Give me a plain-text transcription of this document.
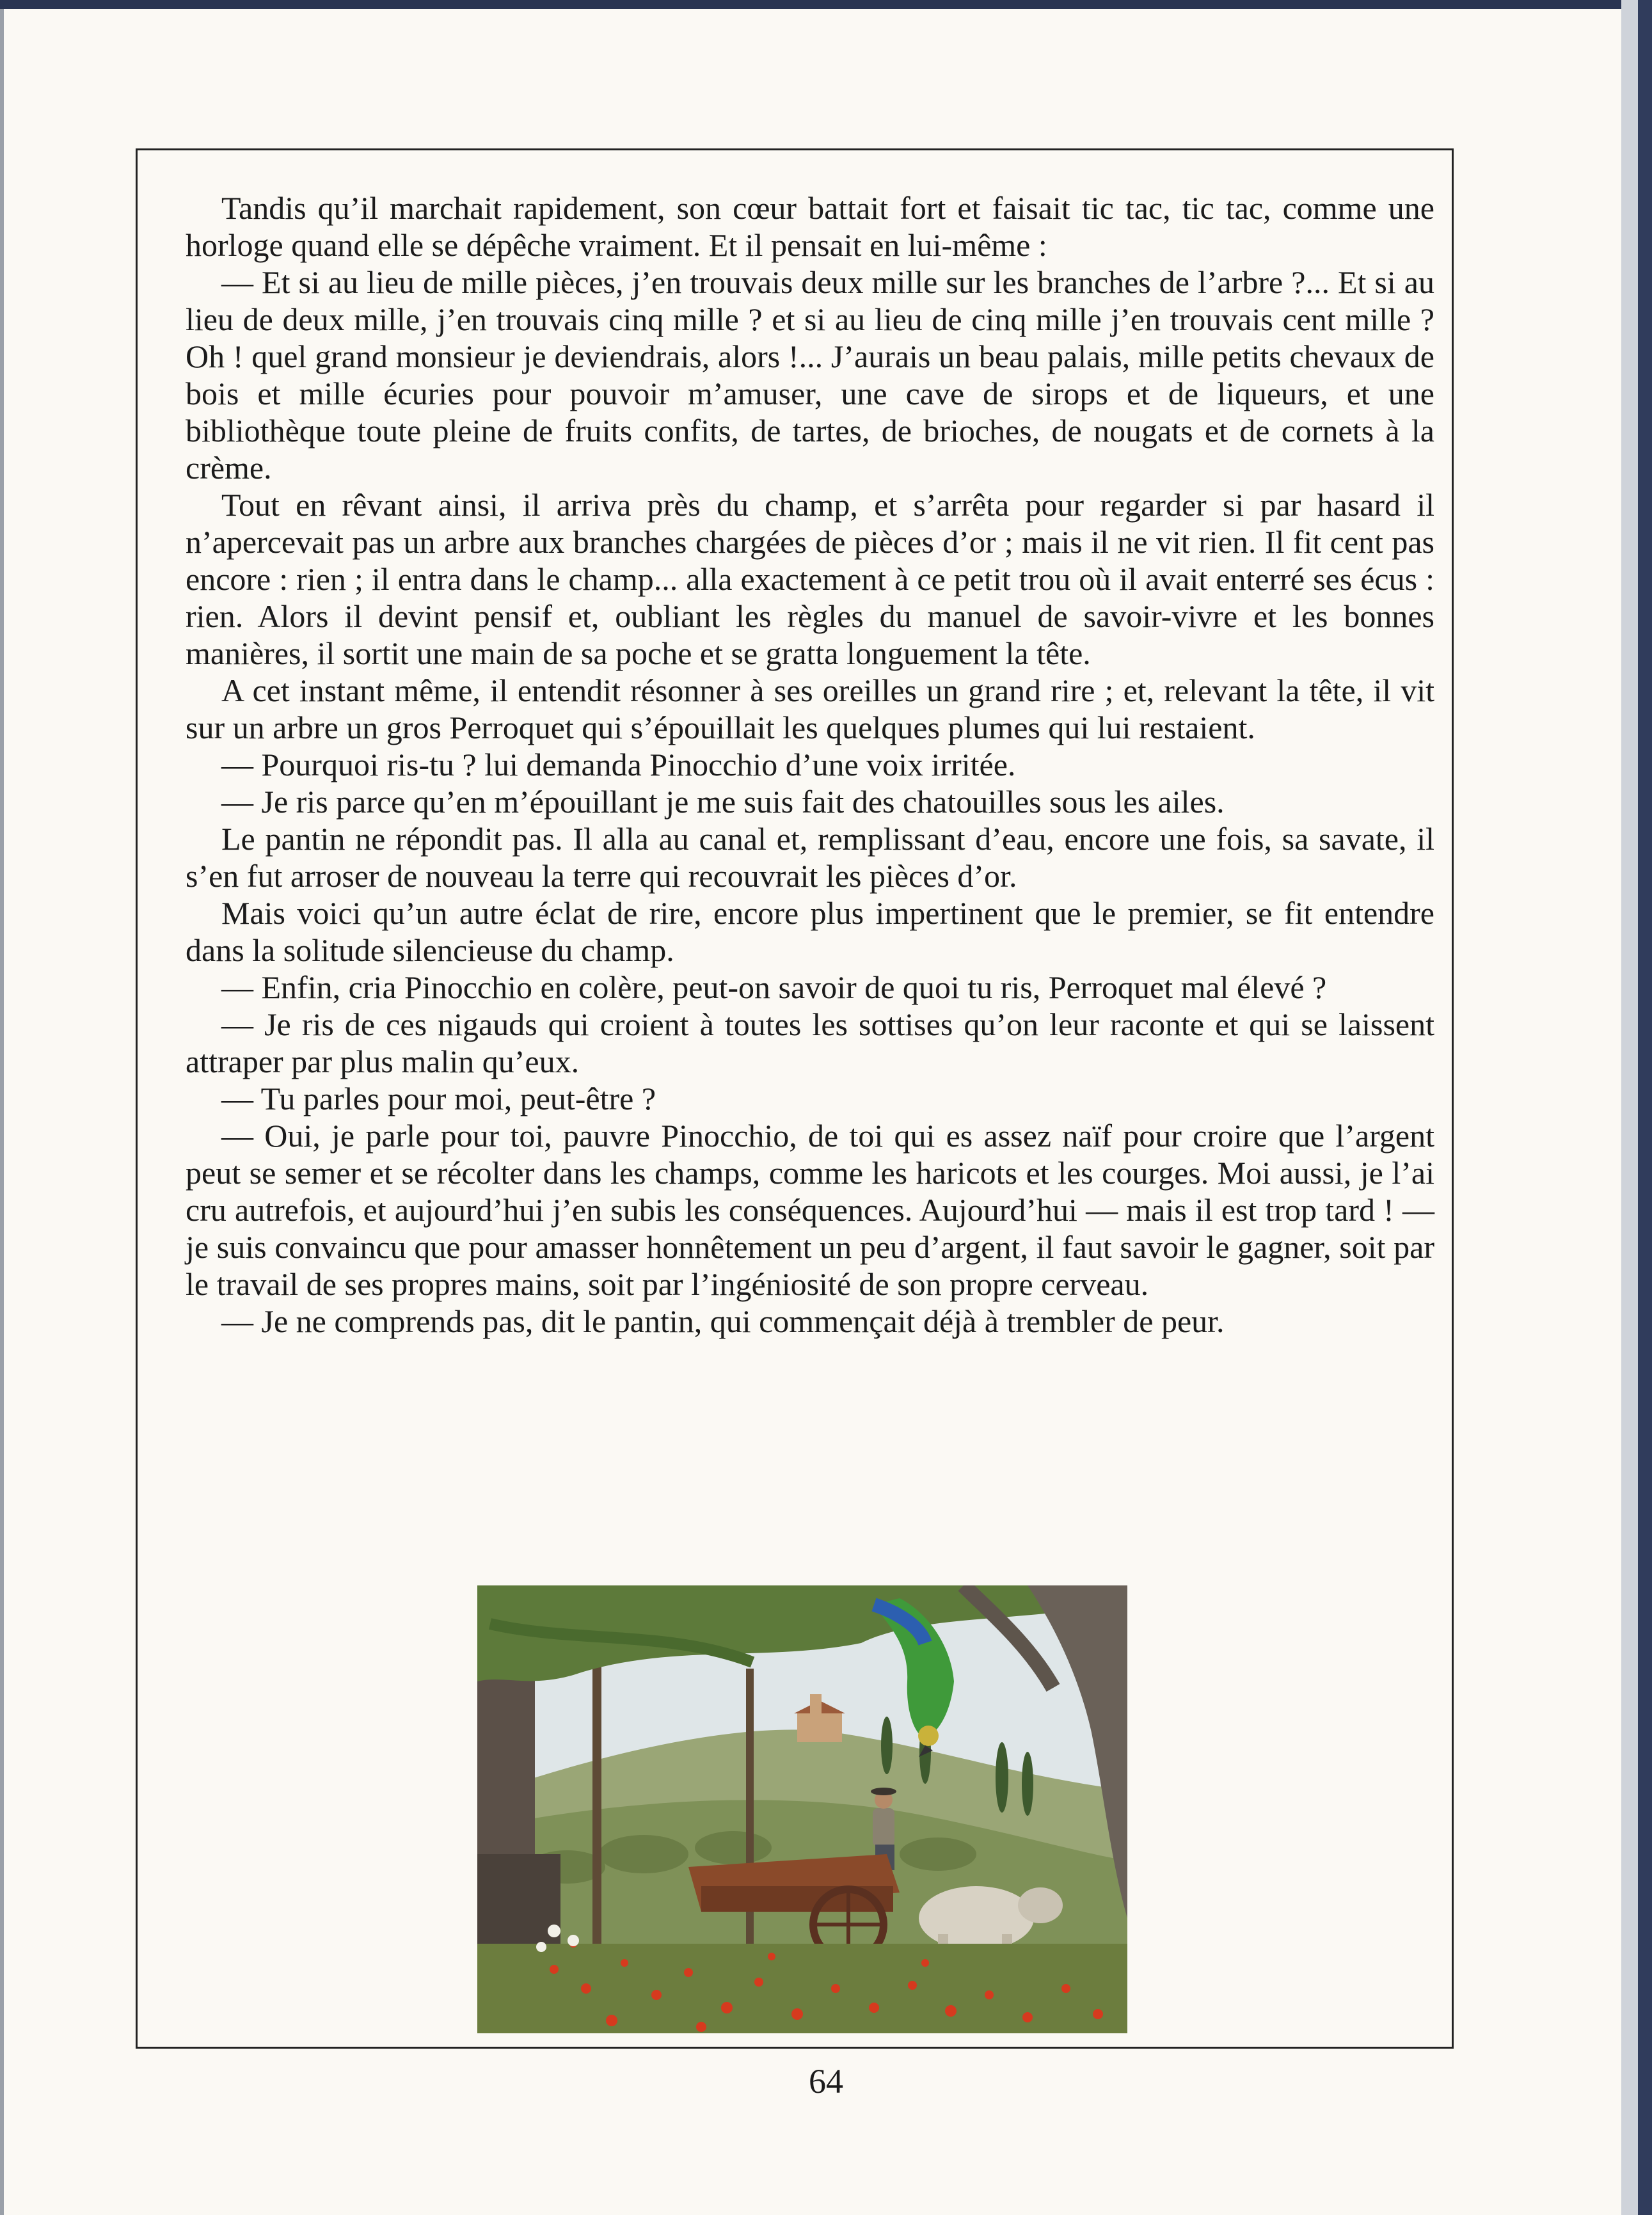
Tandis qu’il marchait rapidement, son cœur battait fort et faisait tic tac, tic tac, comme une horloge quand elle se dépêche vraiment. Et il pensait en lui-même :

— Et si au lieu de mille pièces, j’en trouvais deux mille sur les branches de l’arbre ?... Et si au lieu de deux mille, j’en trouvais cinq mille ? et si au lieu de cinq mille j’en trouvais cent mille ? Oh ! quel grand monsieur je deviendrais, alors !... J’aurais un beau palais, mille petits chevaux de bois et mille écuries pour pouvoir m’amuser, une cave de sirops et de liqueurs, et une bibliothèque toute pleine de fruits confits, de tartes, de brioches, de nougats et de cornets à la crème.

Tout en rêvant ainsi, il arriva près du champ, et s’arrêta pour regarder si par hasard il n’apercevait pas un arbre aux branches chargées de pièces d’or ; mais il ne vit rien. Il fit cent pas encore : rien ; il entra dans le champ... alla exactement à ce petit trou où il avait enterré ses écus : rien. Alors il devint pensif et, oubliant les règles du manuel de savoir-vivre et les bonnes manières, il sortit une main de sa poche et se gratta longuement la tête.

A cet instant même, il entendit résonner à ses oreilles un grand rire ; et, relevant la tête, il vit sur un arbre un gros Perroquet qui s’épouillait les quelques plumes qui lui restaient.

— Pourquoi ris-tu ? lui demanda Pinocchio d’une voix irritée.

— Je ris parce qu’en m’épouillant je me suis fait des chatouilles sous les ailes.

Le pantin ne répondit pas. Il alla au canal et, remplissant d’eau, encore une fois, sa savate, il s’en fut arroser de nouveau la terre qui recouvrait les pièces d’or.

Mais voici qu’un autre éclat de rire, encore plus impertinent que le premier, se fit entendre dans la solitude silencieuse du champ.

— Enfin, cria Pinocchio en colère, peut-on savoir de quoi tu ris, Perroquet mal élevé ?

— Je ris de ces nigauds qui croient à toutes les sottises qu’on leur raconte et qui se laissent attraper par plus malin qu’eux.

— Tu parles pour moi, peut-être ?

— Oui, je parle pour toi, pauvre Pinocchio, de toi qui es assez naïf pour croire que l’argent peut se semer et se récolter dans les champs, comme les haricots et les courges. Moi aussi, je l’ai cru autrefois, et aujourd’hui j’en subis les conséquences. Aujourd’hui — mais il est trop tard ! — je suis convaincu que pour amasser honnêtement un peu d’argent, il faut savoir le gagner, soit par le travail de ses propres mains, soit par l’ingéniosité de son propre cerveau.

— Je ne comprends pas, dit le pantin, qui commençait déjà à trembler de peur.

64
